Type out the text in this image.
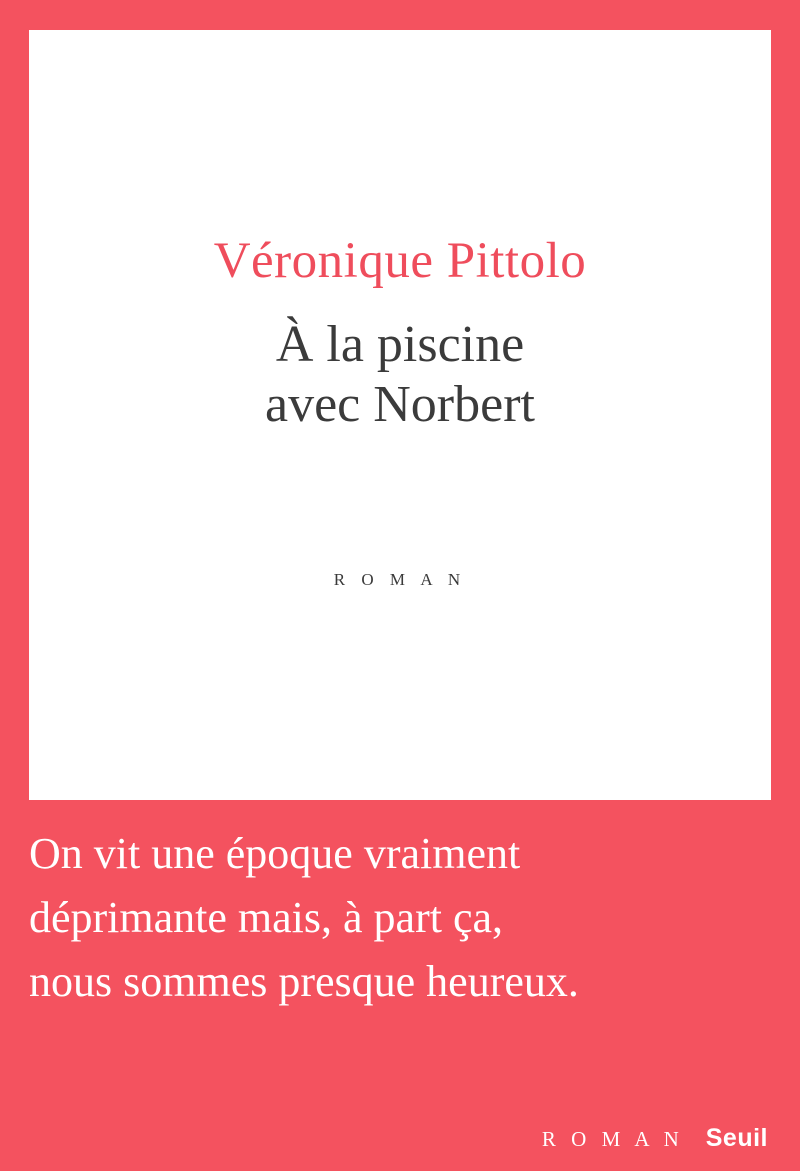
Véronique Pittolo
À la piscine
avec Norbert
R O M A N
On vit une époque vraiment
déprimante mais, à part ça,
nous sommes presque heureux.
R O M A N Seuil
